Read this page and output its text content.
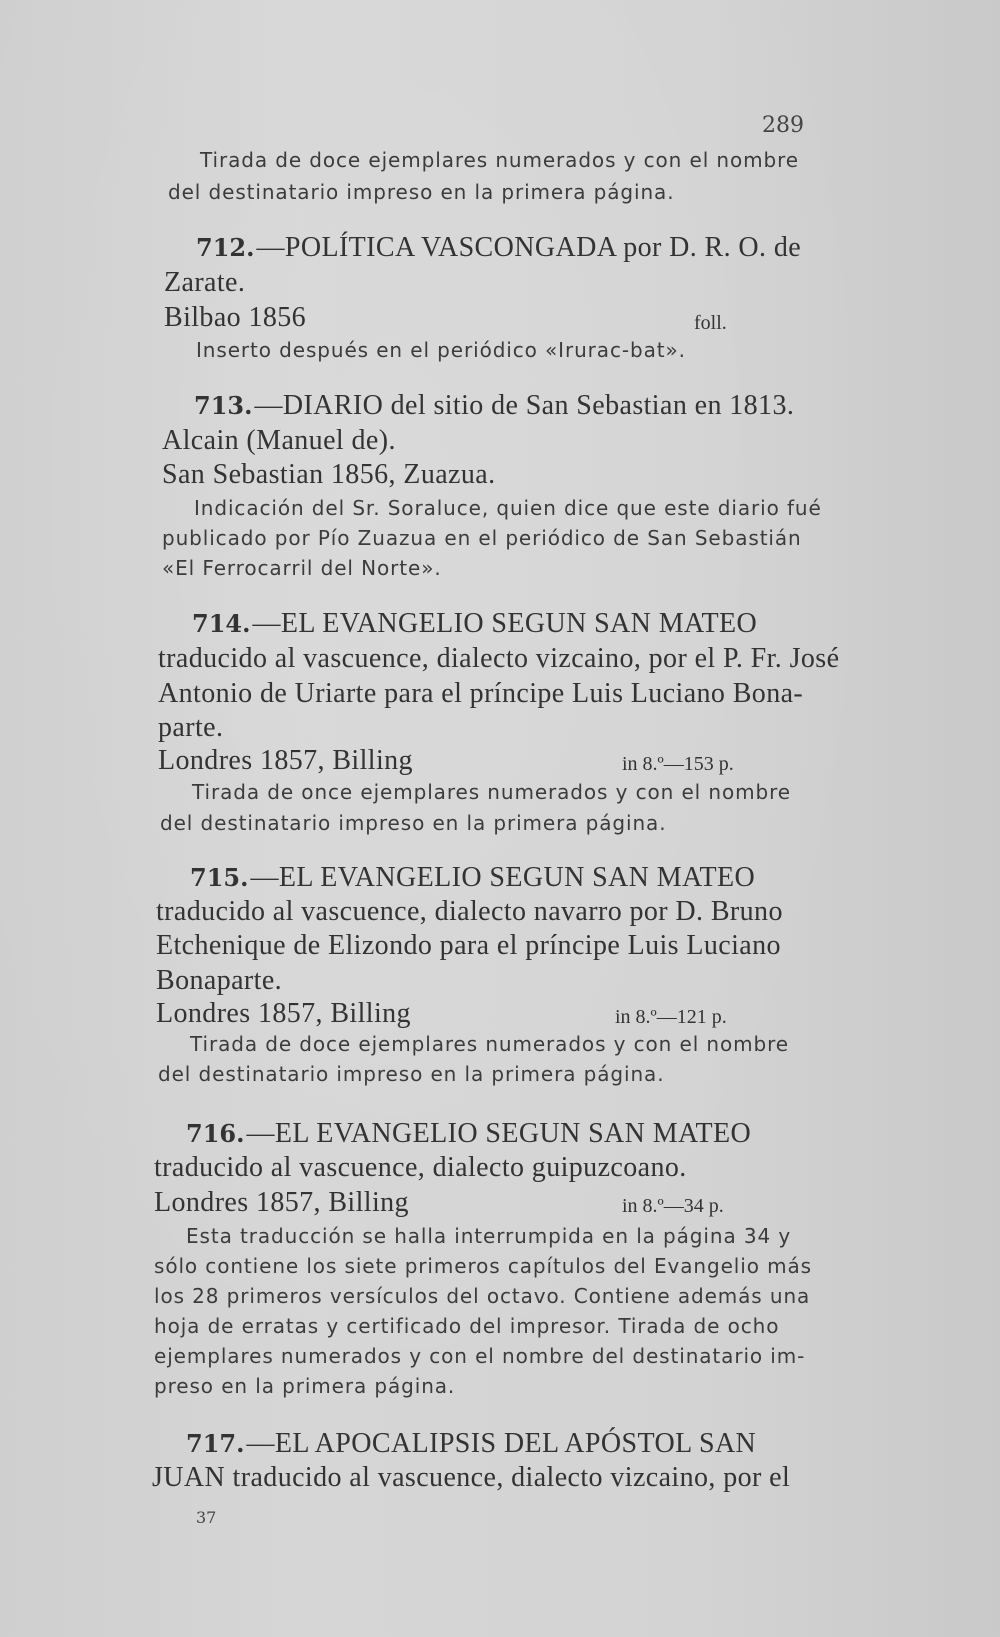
289
Tirada de doce ejemplares numerados y con el nombre
del destinatario impreso en la primera página.
712.—POLÍTICA VASCONGADA por D. R. O. de
Zarate.
Bilbao 1856	foll.
Inserto después en el periódico «Irurac-bat».
713.—DIARIO del sitio de San Sebastian en 1813.
Alcain (Manuel de).
San Sebastian 1856, Zuazua.
Indicación del Sr. Soraluce, quien dice que este diario fué
publicado por Pío Zuazua en el periódico de San Sebastián
«El Ferrocarril del Norte».
714.—EL EVANGELIO SEGUN SAN MATEO
traducido al vascuence, dialecto vizcaino, por el P. Fr. José
Antonio de Uriarte para el príncipe Luis Luciano Bona-
parte.
Londres 1857, Billing	in 8.º—153 p.
Tirada de once ejemplares numerados y con el nombre
del destinatario impreso en la primera página.
715.—EL EVANGELIO SEGUN SAN MATEO
traducido al vascuence, dialecto navarro por D. Bruno
Etchenique de Elizondo para el príncipe Luis Luciano
Bonaparte.
Londres 1857, Billing	in 8.º—121 p.
Tirada de doce ejemplares numerados y con el nombre
del destinatario impreso en la primera página.
716.—EL EVANGELIO SEGUN SAN MATEO
traducido al vascuence, dialecto guipuzcoano.
Londres 1857, Billing	in 8.º—34 p.
Esta traducción se halla interrumpida en la página 34 y
sólo contiene los siete primeros capítulos del Evangelio más
los 28 primeros versículos del octavo. Contiene además una
hoja de erratas y certificado del impresor. Tirada de ocho
ejemplares numerados y con el nombre del destinatario im-
preso en la primera página.
717.—EL APOCALIPSIS DEL APÓSTOL SAN
JUAN traducido al vascuence, dialecto vizcaino, por el
37
